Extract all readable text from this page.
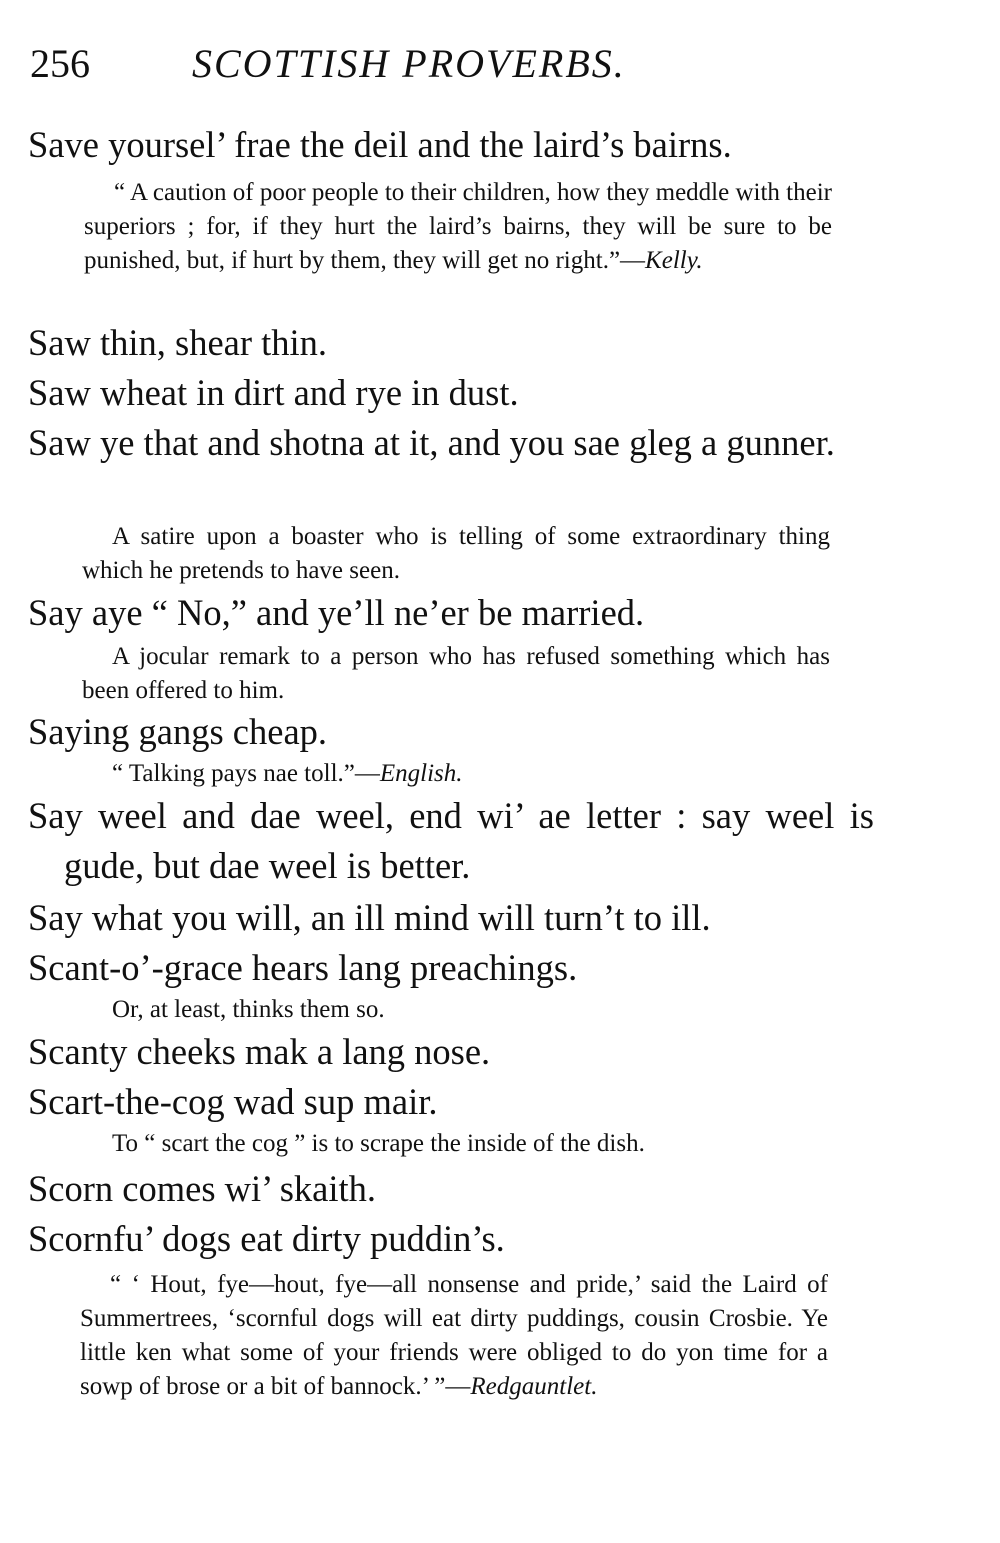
256	SCOTTISH PROVERBS.
Save yoursel’ frae the deil and the laird’s bairns.
“ A caution of poor people to their children, how they meddle with their superiors ; for, if they hurt the laird’s bairns, they will be sure to be punished, but, if hurt by them, they will get no right.”—Kelly.
Saw thin, shear thin.
Saw wheat in dirt and rye in dust.
Saw ye that and shotna at it, and you sae gleg a gunner.
A satire upon a boaster who is telling of some extraordinary thing which he pretends to have seen.
Say aye “ No,” and ye’ll ne’er be married.
A jocular remark to a person who has refused something which has been offered to him.
Saying gangs cheap.
“ Talking pays nae toll.”—English.
Say weel and dae weel, end wi’ ae letter : say weel is gude, but dae weel is better.
Say what you will, an ill mind will turn’t to ill.
Scant-o’-grace hears lang preachings.
Or, at least, thinks them so.
Scanty cheeks mak a lang nose.
Scart-the-cog wad sup mair.
To “ scart the cog ” is to scrape the inside of the dish.
Scorn comes wi’ skaith.
Scornfu’ dogs eat dirty puddin’s.
“ ‘ Hout, fye—hout, fye—all nonsense and pride,’ said the Laird of Summertrees, ‘scornful dogs will eat dirty puddings, cousin Crosbie. Ye little ken what some of your friends were obliged to do yon time for a sowp of brose or a bit of bannock.’ ”—Redgauntlet.
